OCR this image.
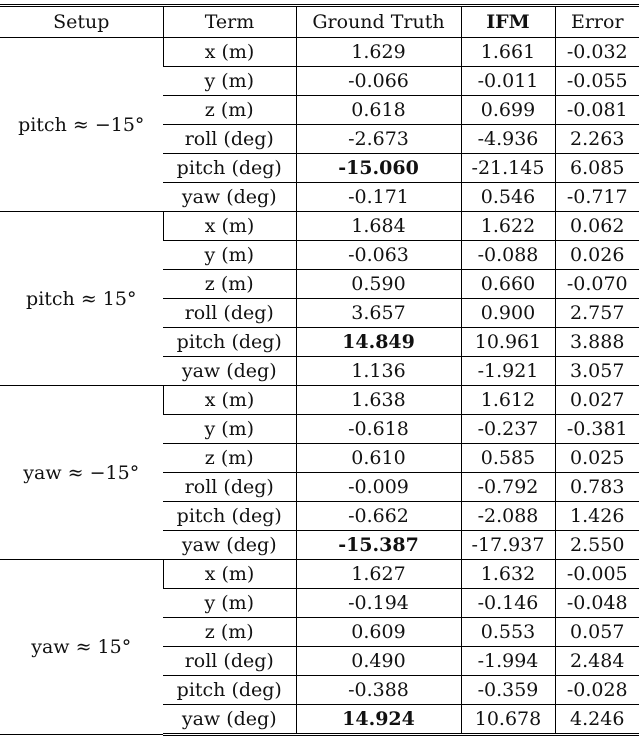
Setup	Term	Ground Truth	IFM	Error
pitch ≈ −15°	x (m)	1.629	1.661	-0.032
	y (m)	-0.066	-0.011	-0.055
	z (m)	0.618	0.699	-0.081
	roll (deg)	-2.673	-4.936	2.263
	pitch (deg)	-15.060	-21.145	6.085
	yaw (deg)	-0.171	0.546	-0.717
pitch ≈ 15°	x (m)	1.684	1.622	0.062
	y (m)	-0.063	-0.088	0.026
	z (m)	0.590	0.660	-0.070
	roll (deg)	3.657	0.900	2.757
	pitch (deg)	14.849	10.961	3.888
	yaw (deg)	1.136	-1.921	3.057
yaw ≈ −15°	x (m)	1.638	1.612	0.027
	y (m)	-0.618	-0.237	-0.381
	z (m)	0.610	0.585	0.025
	roll (deg)	-0.009	-0.792	0.783
	pitch (deg)	-0.662	-2.088	1.426
	yaw (deg)	-15.387	-17.937	2.550
yaw ≈ 15°	x (m)	1.627	1.632	-0.005
	y (m)	-0.194	-0.146	-0.048
	z (m)	0.609	0.553	0.057
	roll (deg)	0.490	-1.994	2.484
	pitch (deg)	-0.388	-0.359	-0.028
	yaw (deg)	14.924	10.678	4.246
